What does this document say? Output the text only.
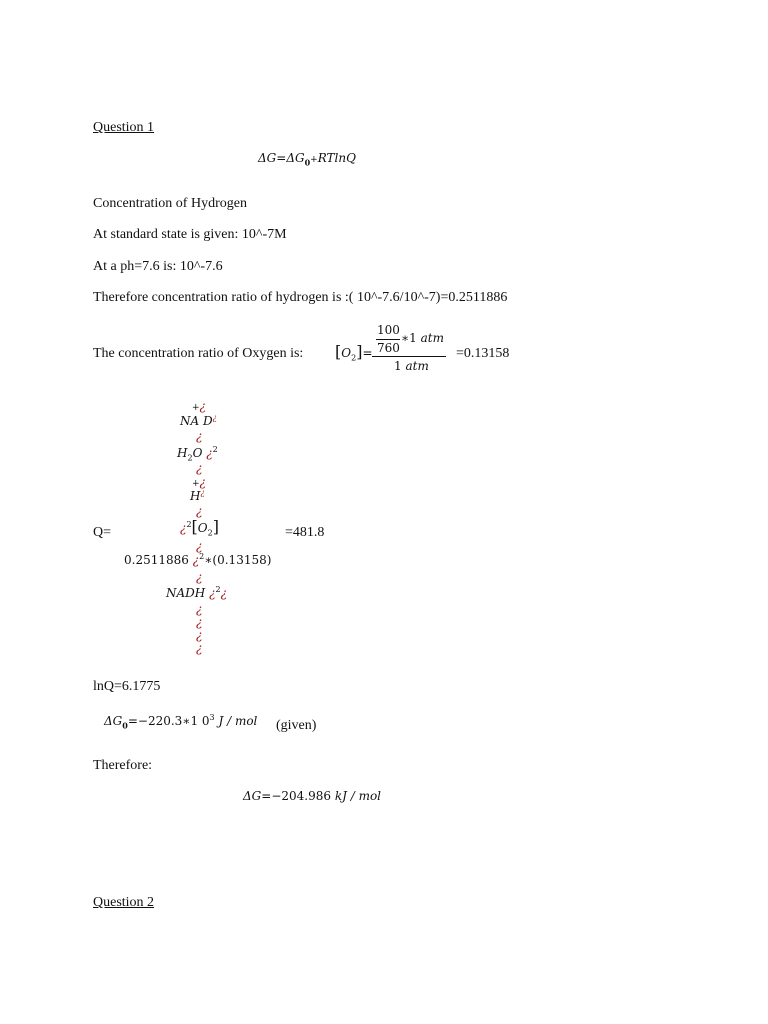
Question 1
$\Delta G=\Delta G_0+RTlnQ$
Concentration of Hydrogen
At standard state is given: 10^-7M
At a ph=7.6 is: 10^-7.6
Therefore concentration ratio of hydrogen is :( 10^-7.6/10^-7)=0.2511886
The concentration ratio of Oxygen is: $[O_2]=$
100
760
∗1 atm
1 atm
=0.13158
+¿
NA D¿
¿
$H_2O$ ¿$^2$
¿
+¿
H¿
¿
Q=	¿$^2[O_2]$	=481.8
¿
0.2511886 ¿$^2$∗(0.13158)
¿
NADH ¿$^2$¿
¿
¿
¿
¿
lnQ=6.1775
$\Delta G_0=-220.3∗1$ $0^3$ J / mol (given)
Therefore:
ΔG=−204.986 kJ / mol
Question 2
